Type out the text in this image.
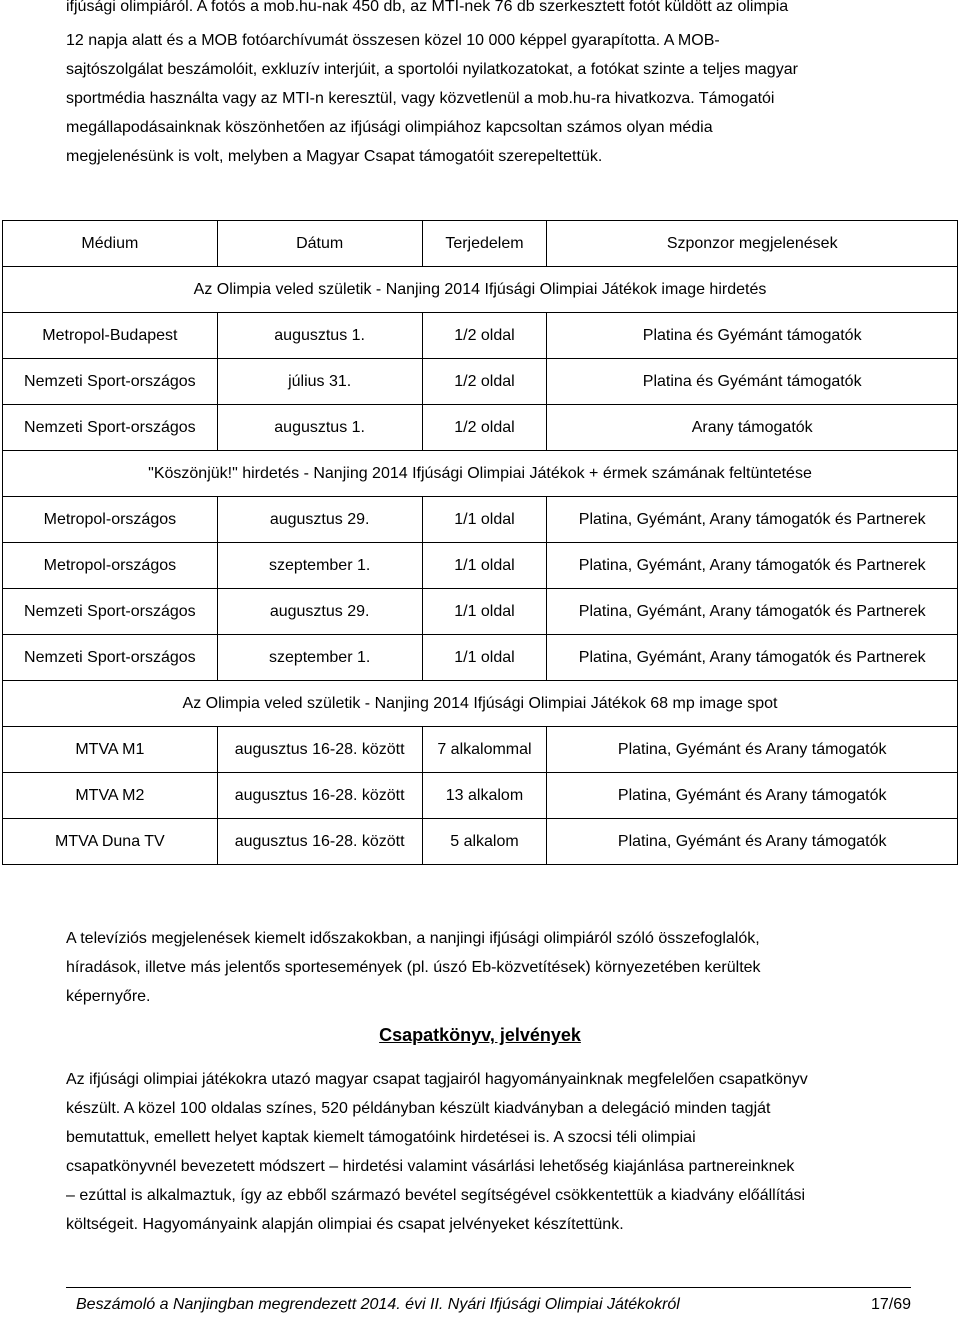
ifjúsági olimpiáról. A fotós a mob.hu-nak 450 db, az MTI-nek 76 db szerkesztett fotót küldött az olimpia
12 napja alatt és a MOB fotóarchívumát összesen közel 10 000 képpel gyarapította. A MOB-
sajtószolgálat beszámolóit, exkluzív interjúit, a sportolói nyilatkozatokat, a fotókat szinte a teljes magyar
sportmédia használta vagy az MTI-n keresztül, vagy közvetlenül a mob.hu-ra hivatkozva. Támogatói
megállapodásainknak köszönhetően az ifjúsági olimpiához kapcsoltan számos olyan média
megjelenésünk is volt, melyben a Magyar Csapat támogatóit szerepeltettük.
Médium	Dátum	Terjedelem	Szponzor megjelenések
Az Olimpia veled születik - Nanjing 2014 Ifjúsági Olimpiai Játékok image hirdetés			
Metropol-Budapest	augusztus 1.	1/2 oldal	Platina és Gyémánt támogatók
Nemzeti Sport-országos	július 31.	1/2 oldal	Platina és Gyémánt támogatók
Nemzeti Sport-országos	augusztus 1.	1/2 oldal	Arany támogatók
"Köszönjük!" hirdetés - Nanjing 2014 Ifjúsági Olimpiai Játékok + érmek számának feltüntetése			
Metropol-országos	augusztus 29.	1/1 oldal	Platina, Gyémánt, Arany támogatók és Partnerek
Metropol-országos	szeptember 1.	1/1 oldal	Platina, Gyémánt, Arany támogatók és Partnerek
Nemzeti Sport-országos	augusztus 29.	1/1 oldal	Platina, Gyémánt, Arany támogatók és Partnerek
Nemzeti Sport-országos	szeptember 1.	1/1 oldal	Platina, Gyémánt, Arany támogatók és Partnerek
Az Olimpia veled születik - Nanjing 2014 Ifjúsági Olimpiai Játékok 68 mp image spot			
MTVA M1	augusztus 16-28. között	7 alkalommal	Platina, Gyémánt és Arany támogatók
MTVA M2	augusztus 16-28. között	13 alkalom	Platina, Gyémánt és Arany támogatók
MTVA Duna TV	augusztus 16-28. között	5 alkalom	Platina, Gyémánt és Arany támogatók
A televíziós megjelenések kiemelt időszakokban, a nanjingi ifjúsági olimpiáról szóló összefoglalók,
híradások, illetve más jelentős sportesemények (pl. úszó Eb-közvetítések) környezetében kerültek
képernyőre.
Csapatkönyv, jelvények
Az ifjúsági olimpiai játékokra utazó magyar csapat tagjairól hagyományainknak megfelelően csapatkönyv
készült. A közel 100 oldalas színes, 520 példányban készült kiadványban a delegáció minden tagját
bemutattuk, emellett helyet kaptak kiemelt támogatóink hirdetései is. A szocsi téli olimpiai
csapatkönyvnél bevezetett módszert – hirdetési valamint vásárlási lehetőség kiajánlása partnereinknek
– ezúttal is alkalmaztuk, így az ebből származó bevétel segítségével csökkentettük a kiadvány előállítási
költségeit. Hagyományaink alapján olimpiai és csapat jelvényeket készítettünk.
Beszámoló a Nanjingban megrendezett 2014. évi II. Nyári Ifjúsági Olimpiai Játékokról	17/69
